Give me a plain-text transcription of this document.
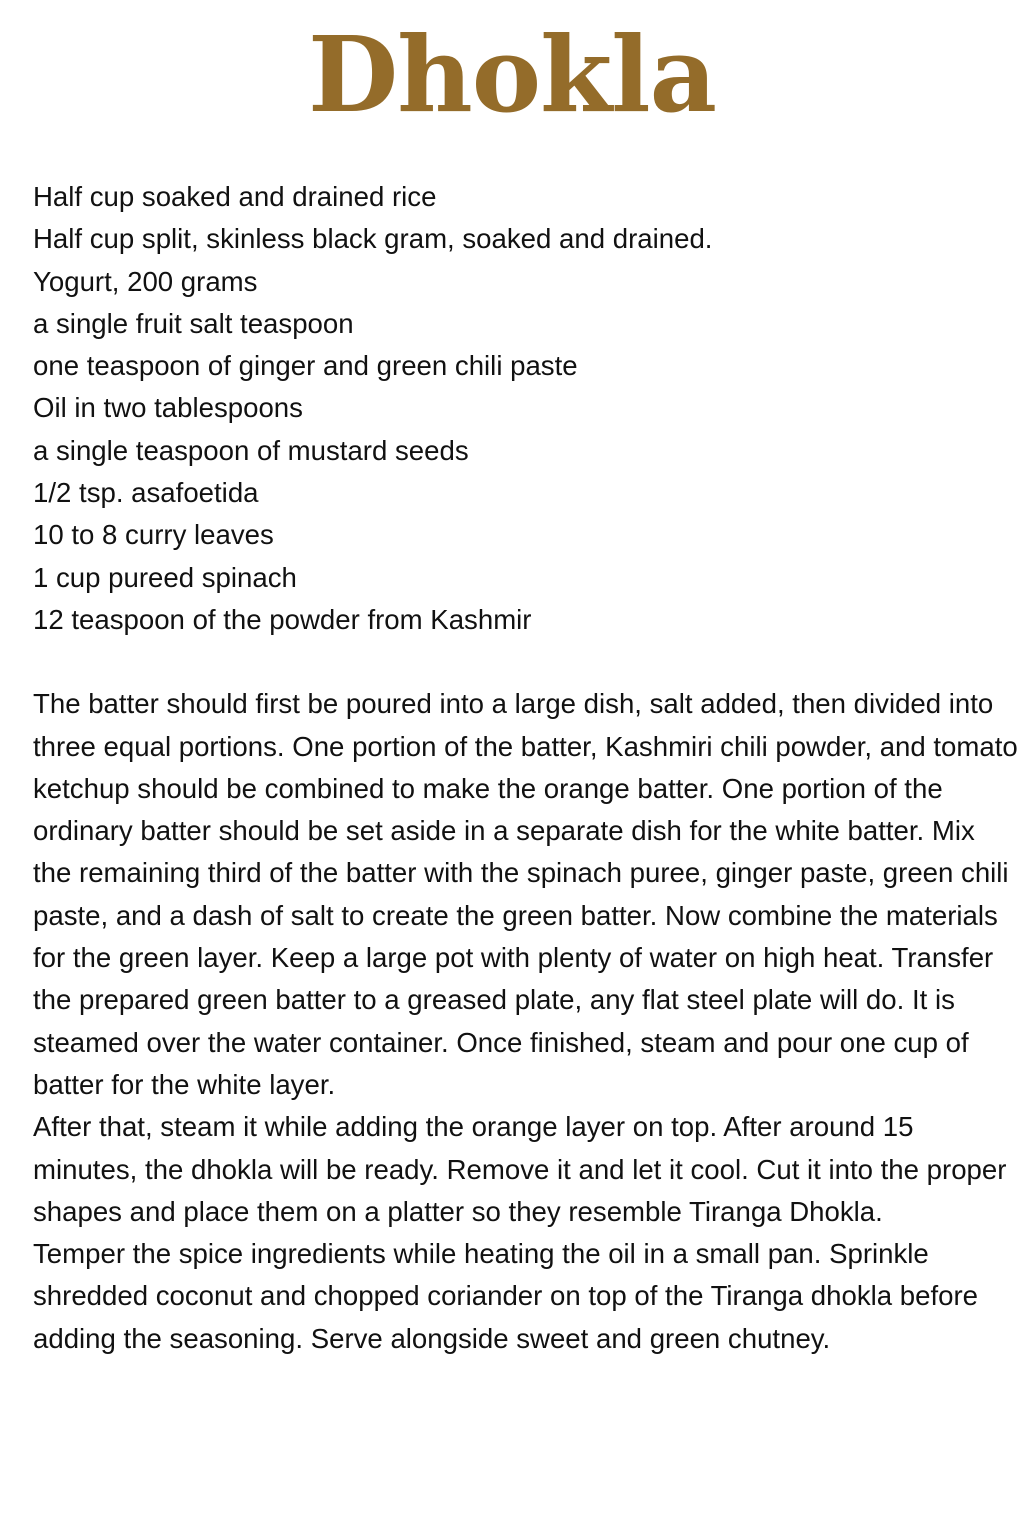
Dhokla
Half cup soaked and drained rice
Half cup split, skinless black gram, soaked and drained.
Yogurt, 200 grams
a single fruit salt teaspoon
one teaspoon of ginger and green chili paste
Oil in two tablespoons
a single teaspoon of mustard seeds
1/2 tsp. asafoetida
10 to 8 curry leaves
1 cup pureed spinach
12 teaspoon of the powder from Kashmir

The batter should first be poured into a large dish, salt added, then divided into three equal portions. One portion of the batter, Kashmiri chili powder, and tomato ketchup should be combined to make the orange batter. One portion of the ordinary batter should be set aside in a separate dish for the white batter. Mix the remaining third of the batter with the spinach puree, ginger paste, green chili paste, and a dash of salt to create the green batter. Now combine the materials for the green layer. Keep a large pot with plenty of water on high heat. Transfer the prepared green batter to a greased plate, any flat steel plate will do. It is steamed over the water container. Once finished, steam and pour one cup of batter for the white layer.

After that, steam it while adding the orange layer on top. After around 15 minutes, the dhokla will be ready. Remove it and let it cool. Cut it into the proper shapes and place them on a platter so they resemble Tiranga Dhokla.

Temper the spice ingredients while heating the oil in a small pan. Sprinkle shredded coconut and chopped coriander on top of the Tiranga dhokla before adding the seasoning. Serve alongside sweet and green chutney.
